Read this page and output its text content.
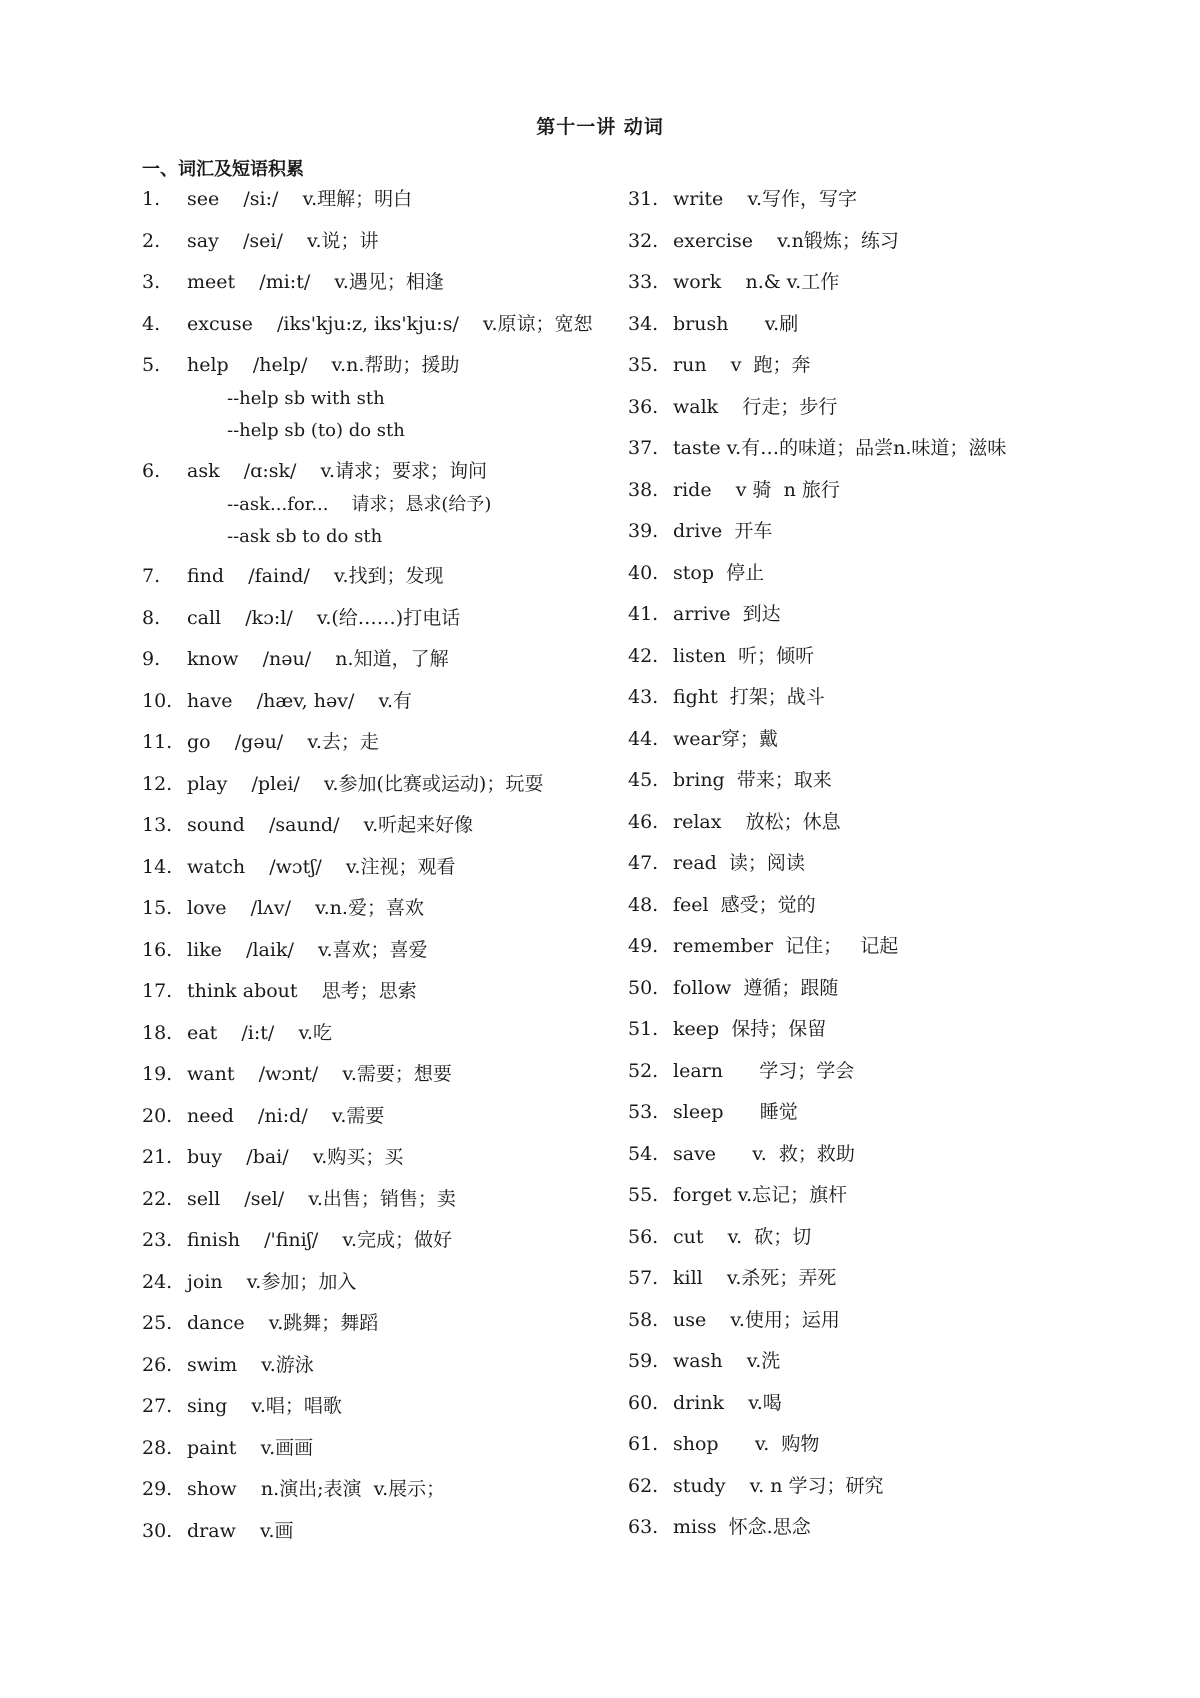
第十一讲 动词
一、词汇及短语积累
1. see    /si:/    v.理解；明白
2. say    /sei/    v.说；讲
3. meet    /mi:t/    v.遇见；相逢
4. excuse    /iks'kju:z, iks'kju:s/    v.原谅；宽恕
5. help    /help/    v.n.帮助；援助
--help sb with sth
--help sb (to) do sth
6. ask    /ɑ:sk/    v.请求；要求；询问
--ask...for...    请求；恳求(给予)
--ask sb to do sth
7. find    /faind/    v.找到；发现
8. call    /kɔ:l/    v.(给……)打电话
9. know    /nəu/    n.知道，了解
10. have    /hæv, həv/    v.有
11. go    /gəu/    v.去；走
12. play    /plei/    v.参加(比赛或运动)；玩耍
13. sound    /saund/    v.听起来好像
14. watch    /wɔtʃ/    v.注视；观看
15. love    /lʌv/    v.n.爱；喜欢
16. like    /laik/    v.喜欢；喜爱
17. think about    思考；思索
18. eat    /i:t/    v.吃
19. want    /wɔnt/    v.需要；想要
20. need    /ni:d/    v.需要
21. buy    /bai/    v.购买；买
22. sell    /sel/    v.出售；销售；卖
23. finish    /'finiʃ/    v.完成；做好
24. join    v.参加；加入
25. dance    v.跳舞；舞蹈
26. swim    v.游泳
27. sing    v.唱；唱歌
28. paint    v.画画
29. show    n.演出;表演  v.展示；
30. draw    v.画
31. write    v.写作，写字
32. exercise    v.n锻炼；练习
33. work    n.& v.工作
34. brush      v.刷
35. run    v  跑；奔
36. walk    行走；步行
37. taste v.有…的味道；品尝n.味道；滋味
38. ride    v 骑  n 旅行
39. drive  开车
40. stop  停止
41. arrive  到达
42. listen  听；倾听
43. fight  打架；战斗
44. wear穿；戴
45. bring  带来；取来
46. relax    放松；休息
47. read  读；阅读
48. feel  感受；觉的
49. remember  记住；   记起
50. follow  遵循；跟随
51. keep  保持；保留
52. learn      学习；学会
53. sleep      睡觉
54. save      v.  救；救助
55. forget v.忘记；旗杆
56. cut    v.  砍；切
57. kill    v.杀死；弄死
58. use    v.使用；运用
59. wash    v.洗
60. drink    v.喝
61. shop      v.  购物
62. study    v. n 学习；研究
63. miss  怀念.思念
